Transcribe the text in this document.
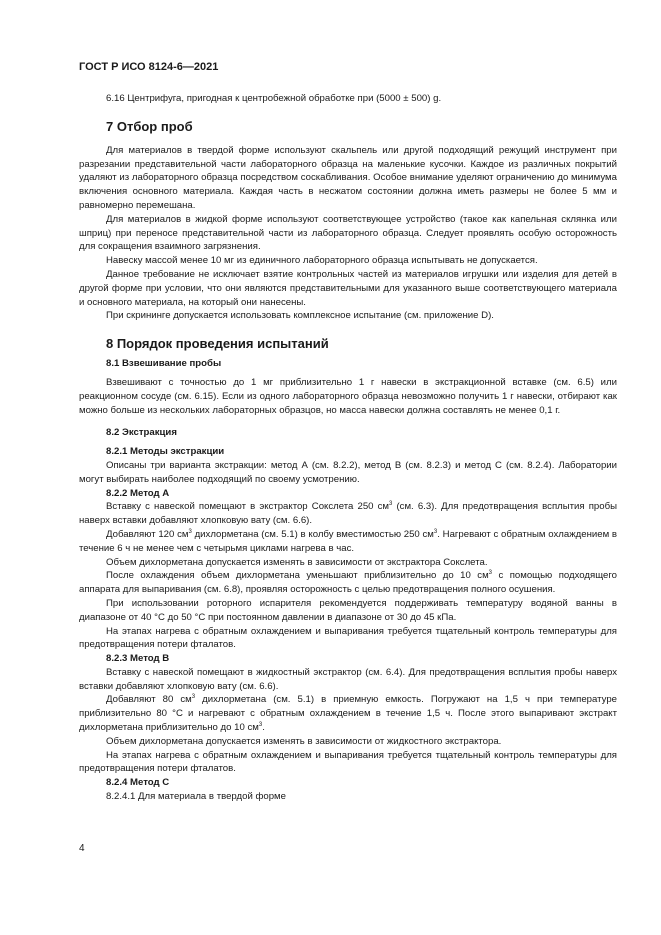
ГОСТ Р ИСО 8124-6—2021

6.16 Центрифуга, пригодная к центробежной обработке при (5000 ± 500) g.

7 Отбор проб

Для материалов в твердой форме используют скальпель или другой подходящий режущий инструмент при разрезании представительной части лабораторного образца на маленькие кусочки. Каждое из различных покрытий удаляют из лабораторного образца посредством соскабливания. Особое внимание уделяют ограничению до минимума включения основного материала. Каждая часть в несжатом состоянии должна иметь размеры не более 5 мм и равномерно перемешана.

Для материалов в жидкой форме используют соответствующее устройство (такое как капельная склянка или шприц) при переносе представительной части из лабораторного образца. Следует проявлять особую осторожность для сокращения взаимного загрязнения.

Навеску массой менее 10 мг из единичного лабораторного образца испытывать не допускается.

Данное требование не исключает взятие контрольных частей из материалов игрушки или изделия для детей в другой форме при условии, что они являются представительными для указанного выше соответствующего материала и основного материала, на который они нанесены.

При скрининге допускается использовать комплексное испытание (см. приложение D).

8 Порядок проведения испытаний
8.1 Взвешивание пробы

Взвешивают с точностью до 1 мг приблизительно 1 г навески в экстракционной вставке (см. 6.5) или реакционном сосуде (см. 6.15). Если из одного лабораторного образца невозможно получить 1 г навески, отбирают как можно больше из нескольких лабораторных образцов, но масса навески должна составлять не менее 0,1 г.

8.2 Экстракция
8.2.1 Методы экстракции

Описаны три варианта экстракции: метод А (см. 8.2.2), метод В (см. 8.2.3) и метод С (см. 8.2.4). Лаборатории могут выбирать наиболее подходящий по своему усмотрению.

8.2.2 Метод А

Вставку с навеской помещают в экстрактор Сокслета 250 $см^3$ (см. 6.3). Для предотвращения всплытия пробы наверх вставки добавляют хлопковую вату (см. 6.6).

Добавляют 120 $см^3$ дихлорметана (см. 5.1) в колбу вместимостью 250 $см^3$. Нагревают с обратным охлаждением в течение 6 ч не менее чем с четырьмя циклами нагрева в час.

Объем дихлорметана допускается изменять в зависимости от экстрактора Сокслета.

После охлаждения объем дихлорметана уменьшают приблизительно до 10 $см^3$ с помощью подходящего аппарата для выпаривания (см. 6.8), проявляя осторожность с целью предотвращения полного осушения.

При использовании роторного испарителя рекомендуется поддерживать температуру водяной ванны в диапазоне от 40 °С до 50 °С при постоянном давлении в диапазоне от 30 до 45 кПа.

На этапах нагрева с обратным охлаждением и выпаривания требуется тщательный контроль температуры для предотвращения потери фталатов.

8.2.3 Метод В

Вставку с навеской помещают в жидкостный экстрактор (см. 6.4). Для предотвращения всплытия пробы наверх вставки добавляют хлопковую вату (см. 6.6).

Добавляют 80 $см^3$ дихлорметана (см. 5.1) в приемную емкость. Погружают на 1,5 ч при температуре приблизительно 80 °С и нагревают с обратным охлаждением в течение 1,5 ч. После этого выпаривают экстракт дихлорметана приблизительно до 10 $см^3$.

Объем дихлорметана допускается изменять в зависимости от жидкостного экстрактора.

На этапах нагрева с обратным охлаждением и выпаривания требуется тщательный контроль температуры для предотвращения потери фталатов.

8.2.4 Метод С

8.2.4.1 Для материала в твердой форме

4
